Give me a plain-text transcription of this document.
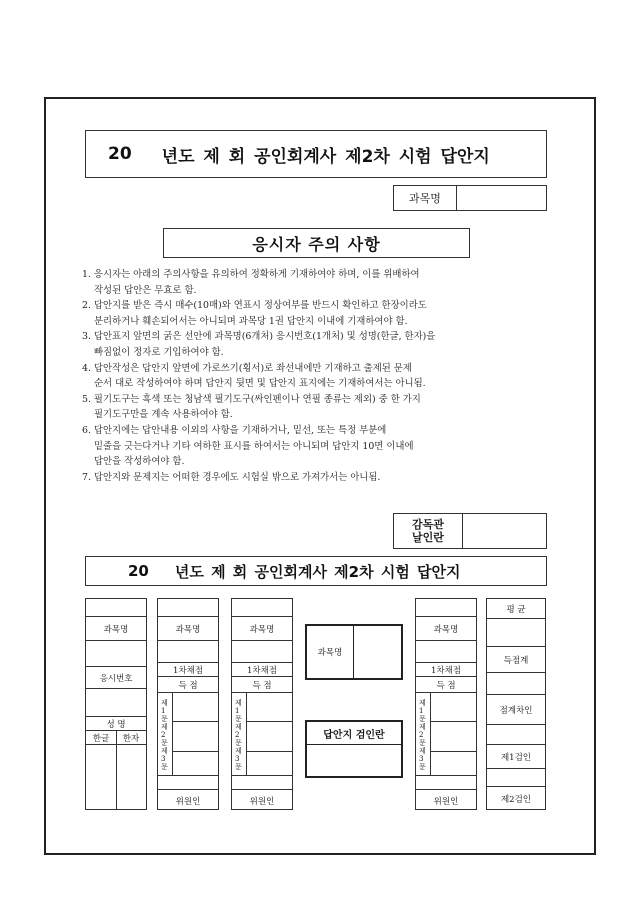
20 년도 제 회 공인회계사 제2차 시험 답안지
과목명
응시자 주의 사항

1. 응시자는 아래의 주의사항을 유의하여 정확하게 기재하여야 하며, 이를 위배하여

작성된 답안은 무효로 함.

2. 답안지를 받은 즉시 매수(10매)와 연표시 정상여부를 반드시 확인하고 한장이라도

분리하거나 훼손되어서는 아니되며 과목당 1권 답안지 이내에 기재하여야 함.

3. 답안표지 앞면의 굵은 선안에 과목명(6개처) 응시번호(1개처) 및 성명(한글, 한자)을

빠짐없이 정자로 기입하여야 함.

4. 답안작성은 답안지 앞면에 가로쓰기(횡서)로 좌선내에만 기재하고 출제된 문제

순서 대로 작성하여야 하며 답안지 뒷면 및 답안지 표지에는 기재하여서는 아니됨.

5. 필기도구는 흑색 또는 청남색 필기도구(싸인펜이나 연필 종류는 제외) 중 한 가지

필기도구만을 계속 사용하여야 함.

6. 답안지에는 답안내용 이외의 사항을 기재하거나, 밑선, 또는 특정 부분에

밑줄을 긋는다거나 기타 여하한 표시를 하여서는 아니되며 답안지 10면 이내에

답안을 작성하여야 함.

7. 답안지와 문제지는 어떠한 경우에도 시험실 밖으로 가져가서는 아니됨.

감독관
날인란
20 년도 제 회 공인회계사 제2차 시험 답안지
과목명
응시번호
성 명
한글 한자
과목명
1차채점
득 점
제1문제2문제3문
위원인
과목명
1차채점
득 점
제1문제2문제3문
위원인
과목명
1차채점
득 점
제1문제2문제3문
위원인
과목명
답안지 검인란
평 균
득점계
점계차인
제1검인
제2검인
